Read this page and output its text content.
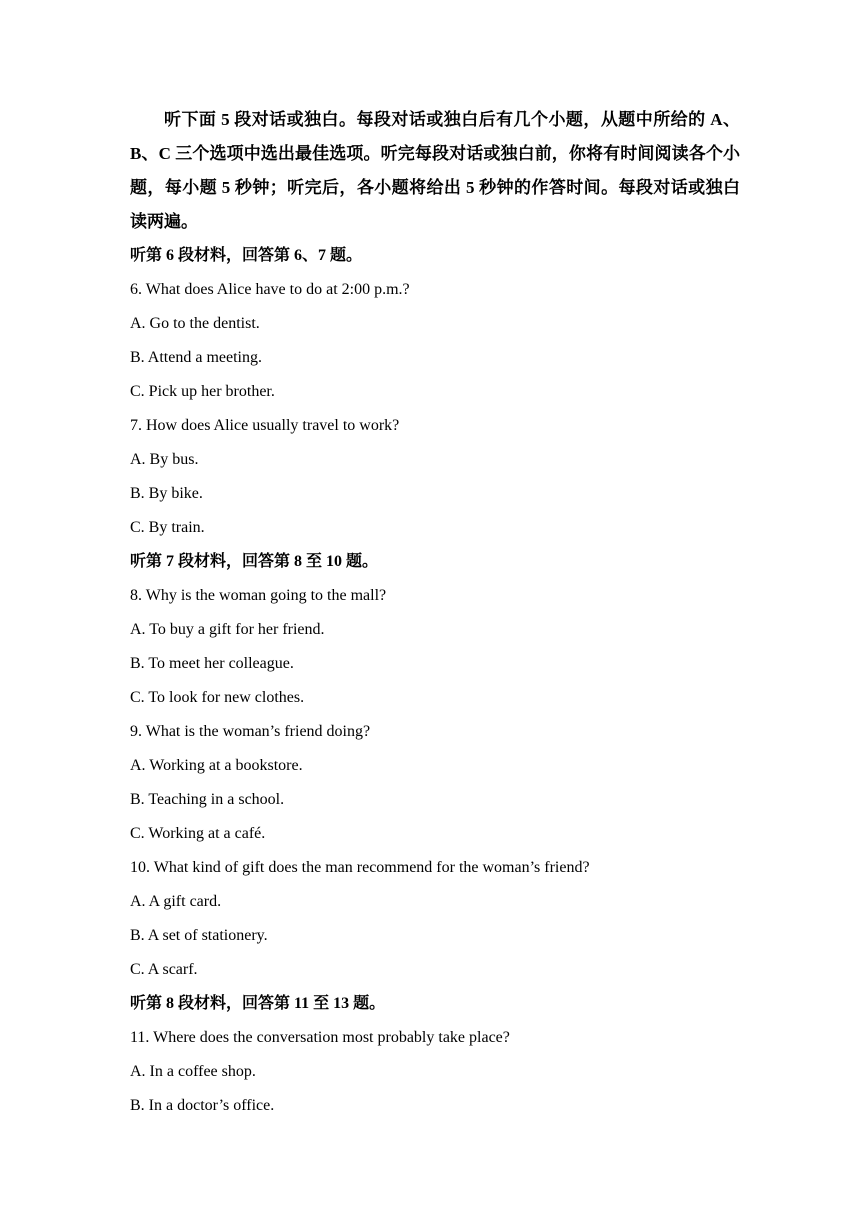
听下面 5 段对话或独白。每段对话或独白后有几个小题，从题中所给的 A、B、C 三个选项中选出最佳选项。听完每段对话或独白前，你将有时间阅读各个小题，每小题 5 秒钟；听完后，各小题将给出 5 秒钟的作答时间。每段对话或独白读两遍。

听第 6 段材料，回答第 6、7 题。

6. What does Alice have to do at 2:00 p.m.?

A. Go to the dentist.

B. Attend a meeting.

C. Pick up her brother.

7. How does Alice usually travel to work?

A. By bus.

B. By bike.

C. By train.

听第 7 段材料，回答第 8 至 10 题。

8. Why is the woman going to the mall?

A. To buy a gift for her friend.

B. To meet her colleague.

C. To look for new clothes.

9. What is the woman’s friend doing?

A. Working at a bookstore.

B. Teaching in a school.

C. Working at a café.

10. What kind of gift does the man recommend for the woman’s friend?

A. A gift card.

B. A set of stationery.

C. A scarf.

听第 8 段材料，回答第 11 至 13 题。

11. Where does the conversation most probably take place?

A. In a coffee shop.

B. In a doctor’s office.
